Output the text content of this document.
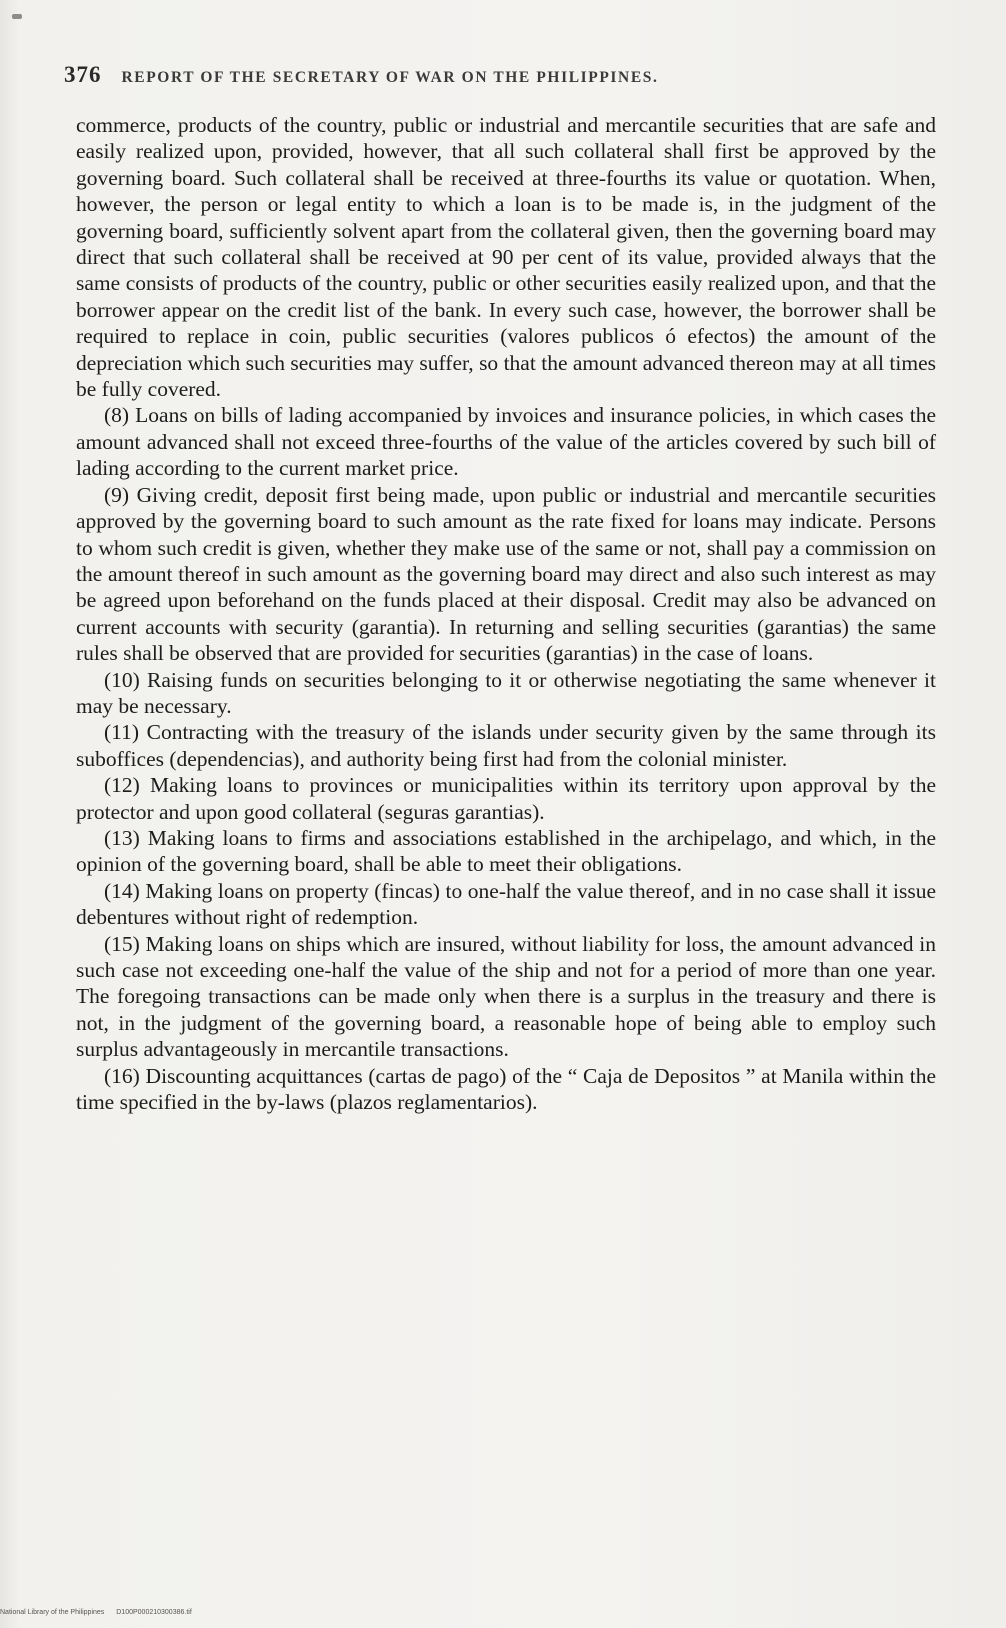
376 REPORT OF THE SECRETARY OF WAR ON THE PHILIPPINES.

commerce, products of the country, public or industrial and mercantile securities that are safe and easily realized upon, provided, however, that all such collateral shall first be approved by the governing board. Such collateral shall be received at three-fourths its value or quotation. When, however, the person or legal entity to which a loan is to be made is, in the judgment of the governing board, sufficiently solvent apart from the collateral given, then the governing board may direct that such collateral shall be received at 90 per cent of its value, provided always that the same consists of products of the country, public or other securities easily realized upon, and that the borrower appear on the credit list of the bank. In every such case, however, the borrower shall be required to replace in coin, public securities (valores publicos ó efectos) the amount of the depreciation which such securities may suffer, so that the amount advanced thereon may at all times be fully covered.

(8) Loans on bills of lading accompanied by invoices and insurance policies, in which cases the amount advanced shall not exceed three-fourths of the value of the articles covered by such bill of lading according to the current market price.

(9) Giving credit, deposit first being made, upon public or industrial and mercantile securities approved by the governing board to such amount as the rate fixed for loans may indicate. Persons to whom such credit is given, whether they make use of the same or not, shall pay a commission on the amount thereof in such amount as the governing board may direct and also such interest as may be agreed upon beforehand on the funds placed at their disposal. Credit may also be advanced on current accounts with security (garantia). In returning and selling securities (garantias) the same rules shall be observed that are provided for securities (garantias) in the case of loans.

(10) Raising funds on securities belonging to it or otherwise negotiating the same whenever it may be necessary.

(11) Contracting with the treasury of the islands under security given by the same through its suboffices (dependencias), and authority being first had from the colonial minister.

(12) Making loans to provinces or municipalities within its territory upon approval by the protector and upon good collateral (seguras garantias).

(13) Making loans to firms and associations established in the archipelago, and which, in the opinion of the governing board, shall be able to meet their obligations.

(14) Making loans on property (fincas) to one-half the value thereof, and in no case shall it issue debentures without right of redemption.

(15) Making loans on ships which are insured, without liability for loss, the amount advanced in such case not exceeding one-half the value of the ship and not for a period of more than one year. The foregoing transactions can be made only when there is a surplus in the treasury and there is not, in the judgment of the governing board, a reasonable hope of being able to employ such surplus advantageously in mercantile transactions.

(16) Discounting acquittances (cartas de pago) of the “ Caja de Depositos ” at Manila within the time specified in the by-laws (plazos reglamentarios).

National Library of the Philippines D100P000210300386.tif
